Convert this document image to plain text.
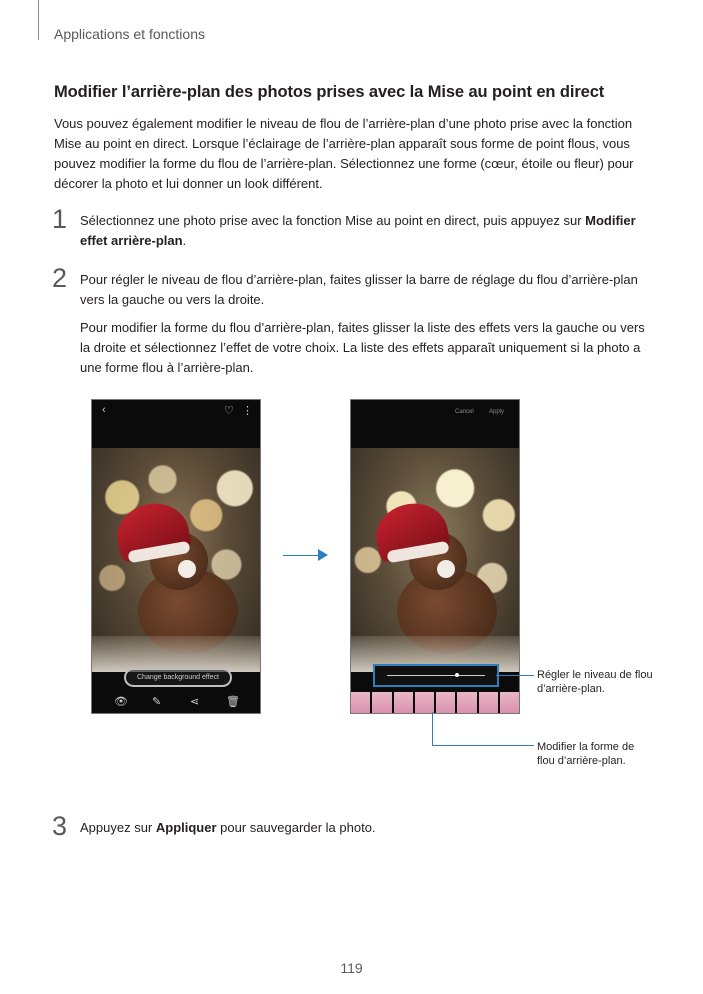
Applications et fonctions
Modifier l’arrière-plan des photos prises avec la Mise au point en direct
Vous pouvez également modifier le niveau de flou de l’arrière-plan d’une photo prise avec la fonction Mise au point en direct. Lorsque l’éclairage de l’arrière-plan apparaît sous forme de point flous, vous pouvez modifier la forme du flou de l’arrière-plan. Sélectionnez une forme (cœur, étoile ou fleur) pour décorer la photo et lui donner un look différent.
1 Sélectionnez une photo prise avec la fonction Mise au point en direct, puis appuyez sur Modifier effet arrière-plan.
2 Pour régler le niveau de flou d’arrière-plan, faites glisser la barre de réglage du flou d’arrière-plan vers la gauche ou vers la droite.
Pour modifier la forme du flou d’arrière-plan, faites glisser la liste des effets vers la gauche ou vers la droite et sélectionnez l’effet de votre choix. La liste des effets apparaît uniquement si la photo a une forme flou à l’arrière-plan.
‹	♡ ⋮
Change background effect
👁 ✎	⋖ 🗑
Cancel	Apply
Régler le niveau de flou d’arrière-plan.
Modifier la forme de flou d’arrière-plan.
3 Appuyez sur Appliquer pour sauvegarder la photo.
119
